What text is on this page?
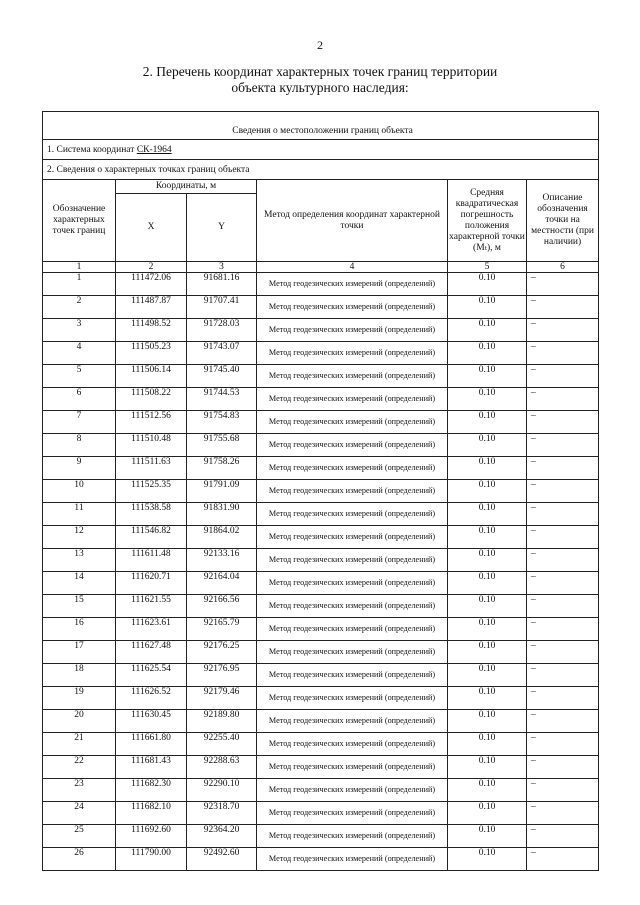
2
2. Перечень координат характерных точек границ территории
объекта культурного наследия:

Сведения о местоположении границ объекта					
1. Система координат СК-1964					
2. Сведения о характерных точках границ объекта					
Обозначение характерных точек границ	Координаты, м		Метод определения координат характерной точки	Средняя квадратическая погрешность положения характерной точки (Mₜ), м	Описание обозначения точки на местности (при наличии)
	X	Y			
1	2	3	4	5	6
1	111472.06	91681.16	Метод геодезических измерений (определений)	0.10	–
2	111487.87	91707.41	Метод геодезических измерений (определений)	0.10	–
3	111498.52	91728.03	Метод геодезических измерений (определений)	0.10	–
4	111505.23	91743.07	Метод геодезических измерений (определений)	0.10	–
5	111506.14	91745.40	Метод геодезических измерений (определений)	0.10	–
6	111508.22	91744.53	Метод геодезических измерений (определений)	0.10	–
7	111512.56	91754.83	Метод геодезических измерений (определений)	0.10	–
8	111510.48	91755.68	Метод геодезических измерений (определений)	0.10	–
9	111511.63	91758.26	Метод геодезических измерений (определений)	0.10	–
10	111525.35	91791.09	Метод геодезических измерений (определений)	0.10	–
11	111538.58	91831.90	Метод геодезических измерений (определений)	0.10	–
12	111546.82	91864.02	Метод геодезических измерений (определений)	0.10	–
13	111611.48	92133.16	Метод геодезических измерений (определений)	0.10	–
14	111620.71	92164.04	Метод геодезических измерений (определений)	0.10	–
15	111621.55	92166.56	Метод геодезических измерений (определений)	0.10	–
16	111623.61	92165.79	Метод геодезических измерений (определений)	0.10	–
17	111627.48	92176.25	Метод геодезических измерений (определений)	0.10	–
18	111625.54	92176.95	Метод геодезических измерений (определений)	0.10	–
19	111626.52	92179.46	Метод геодезических измерений (определений)	0.10	–
20	111630.45	92189.80	Метод геодезических измерений (определений)	0.10	–
21	111661.80	92255.40	Метод геодезических измерений (определений)	0.10	–
22	111681.43	92288.63	Метод геодезических измерений (определений)	0.10	–
23	111682.30	92290.10	Метод геодезических измерений (определений)	0.10	–
24	111682.10	92318.70	Метод геодезических измерений (определений)	0.10	–
25	111692.60	92364.20	Метод геодезических измерений (определений)	0.10	–
26	111790.00	92492.60	Метод геодезических измерений (определений)	0.10	–
